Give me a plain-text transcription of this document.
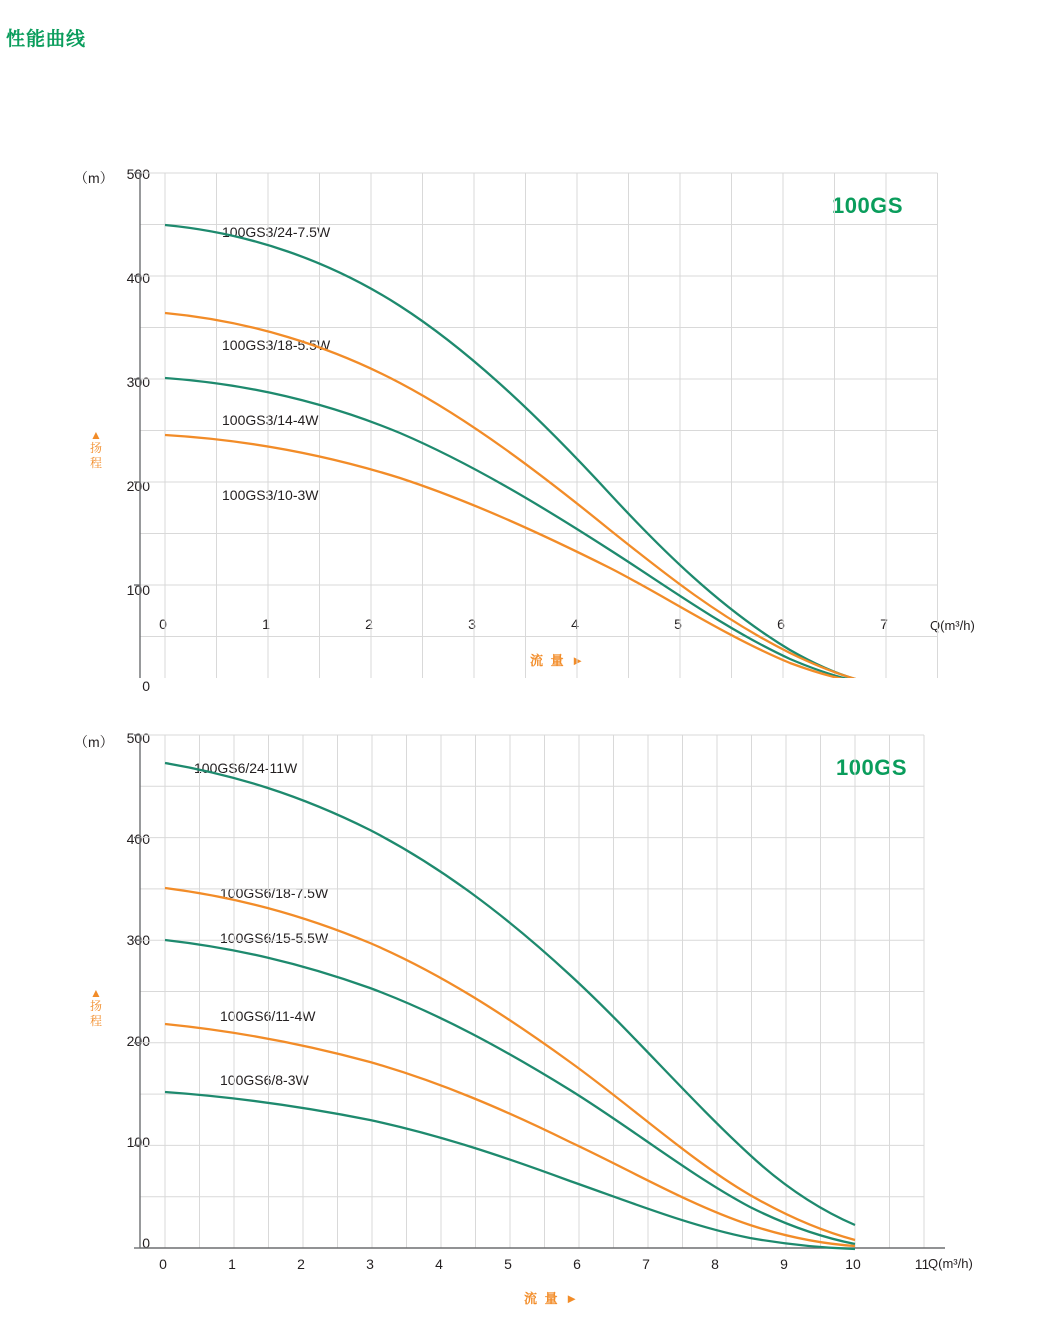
性能曲线
（m）
100GS
▲
扬
程
流 量 ►
Q(m³/h)
500
400
300
200
100
0
0	1	2	3	4	5	6	7
100GS3/24-7.5W
100GS3/18-5.5W
100GS3/14-4W
100GS3/10-3W
（m）
100GS
▲
扬
程
流 量 ►
Q(m³/h)
500
400
300
200
100
0
0	1	2	3	4	5	6	7	8	9	10	11
100GS6/24-11W
100GS6/18-7.5W
100GS6/15-5.5W
100GS6/11-4W
100GS6/8-3W
